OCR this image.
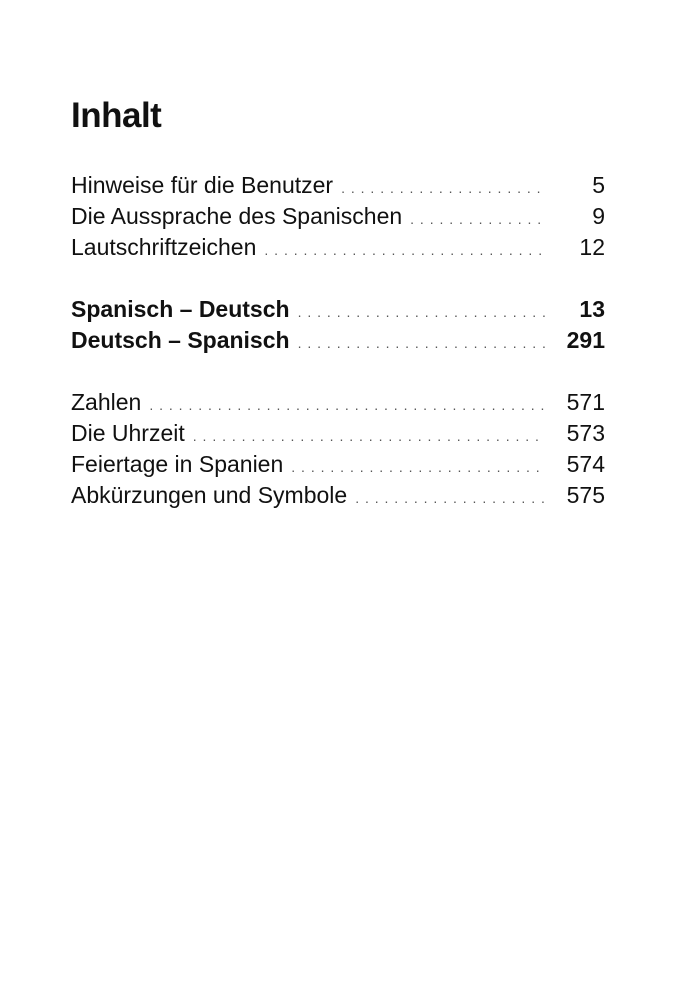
Inhalt
Hinweise für die Benutzer . . .	5
Die Aussprache des Spanischen . . .	9
Lautschriftzeichen . . .	12
Spanisch – Deutsch . . .	13
Deutsch – Spanisch . . .	291
Zahlen . . .	571
Die Uhrzeit . . .	573
Feiertage in Spanien . . .	574
Abkürzungen und Symbole . . .	575
